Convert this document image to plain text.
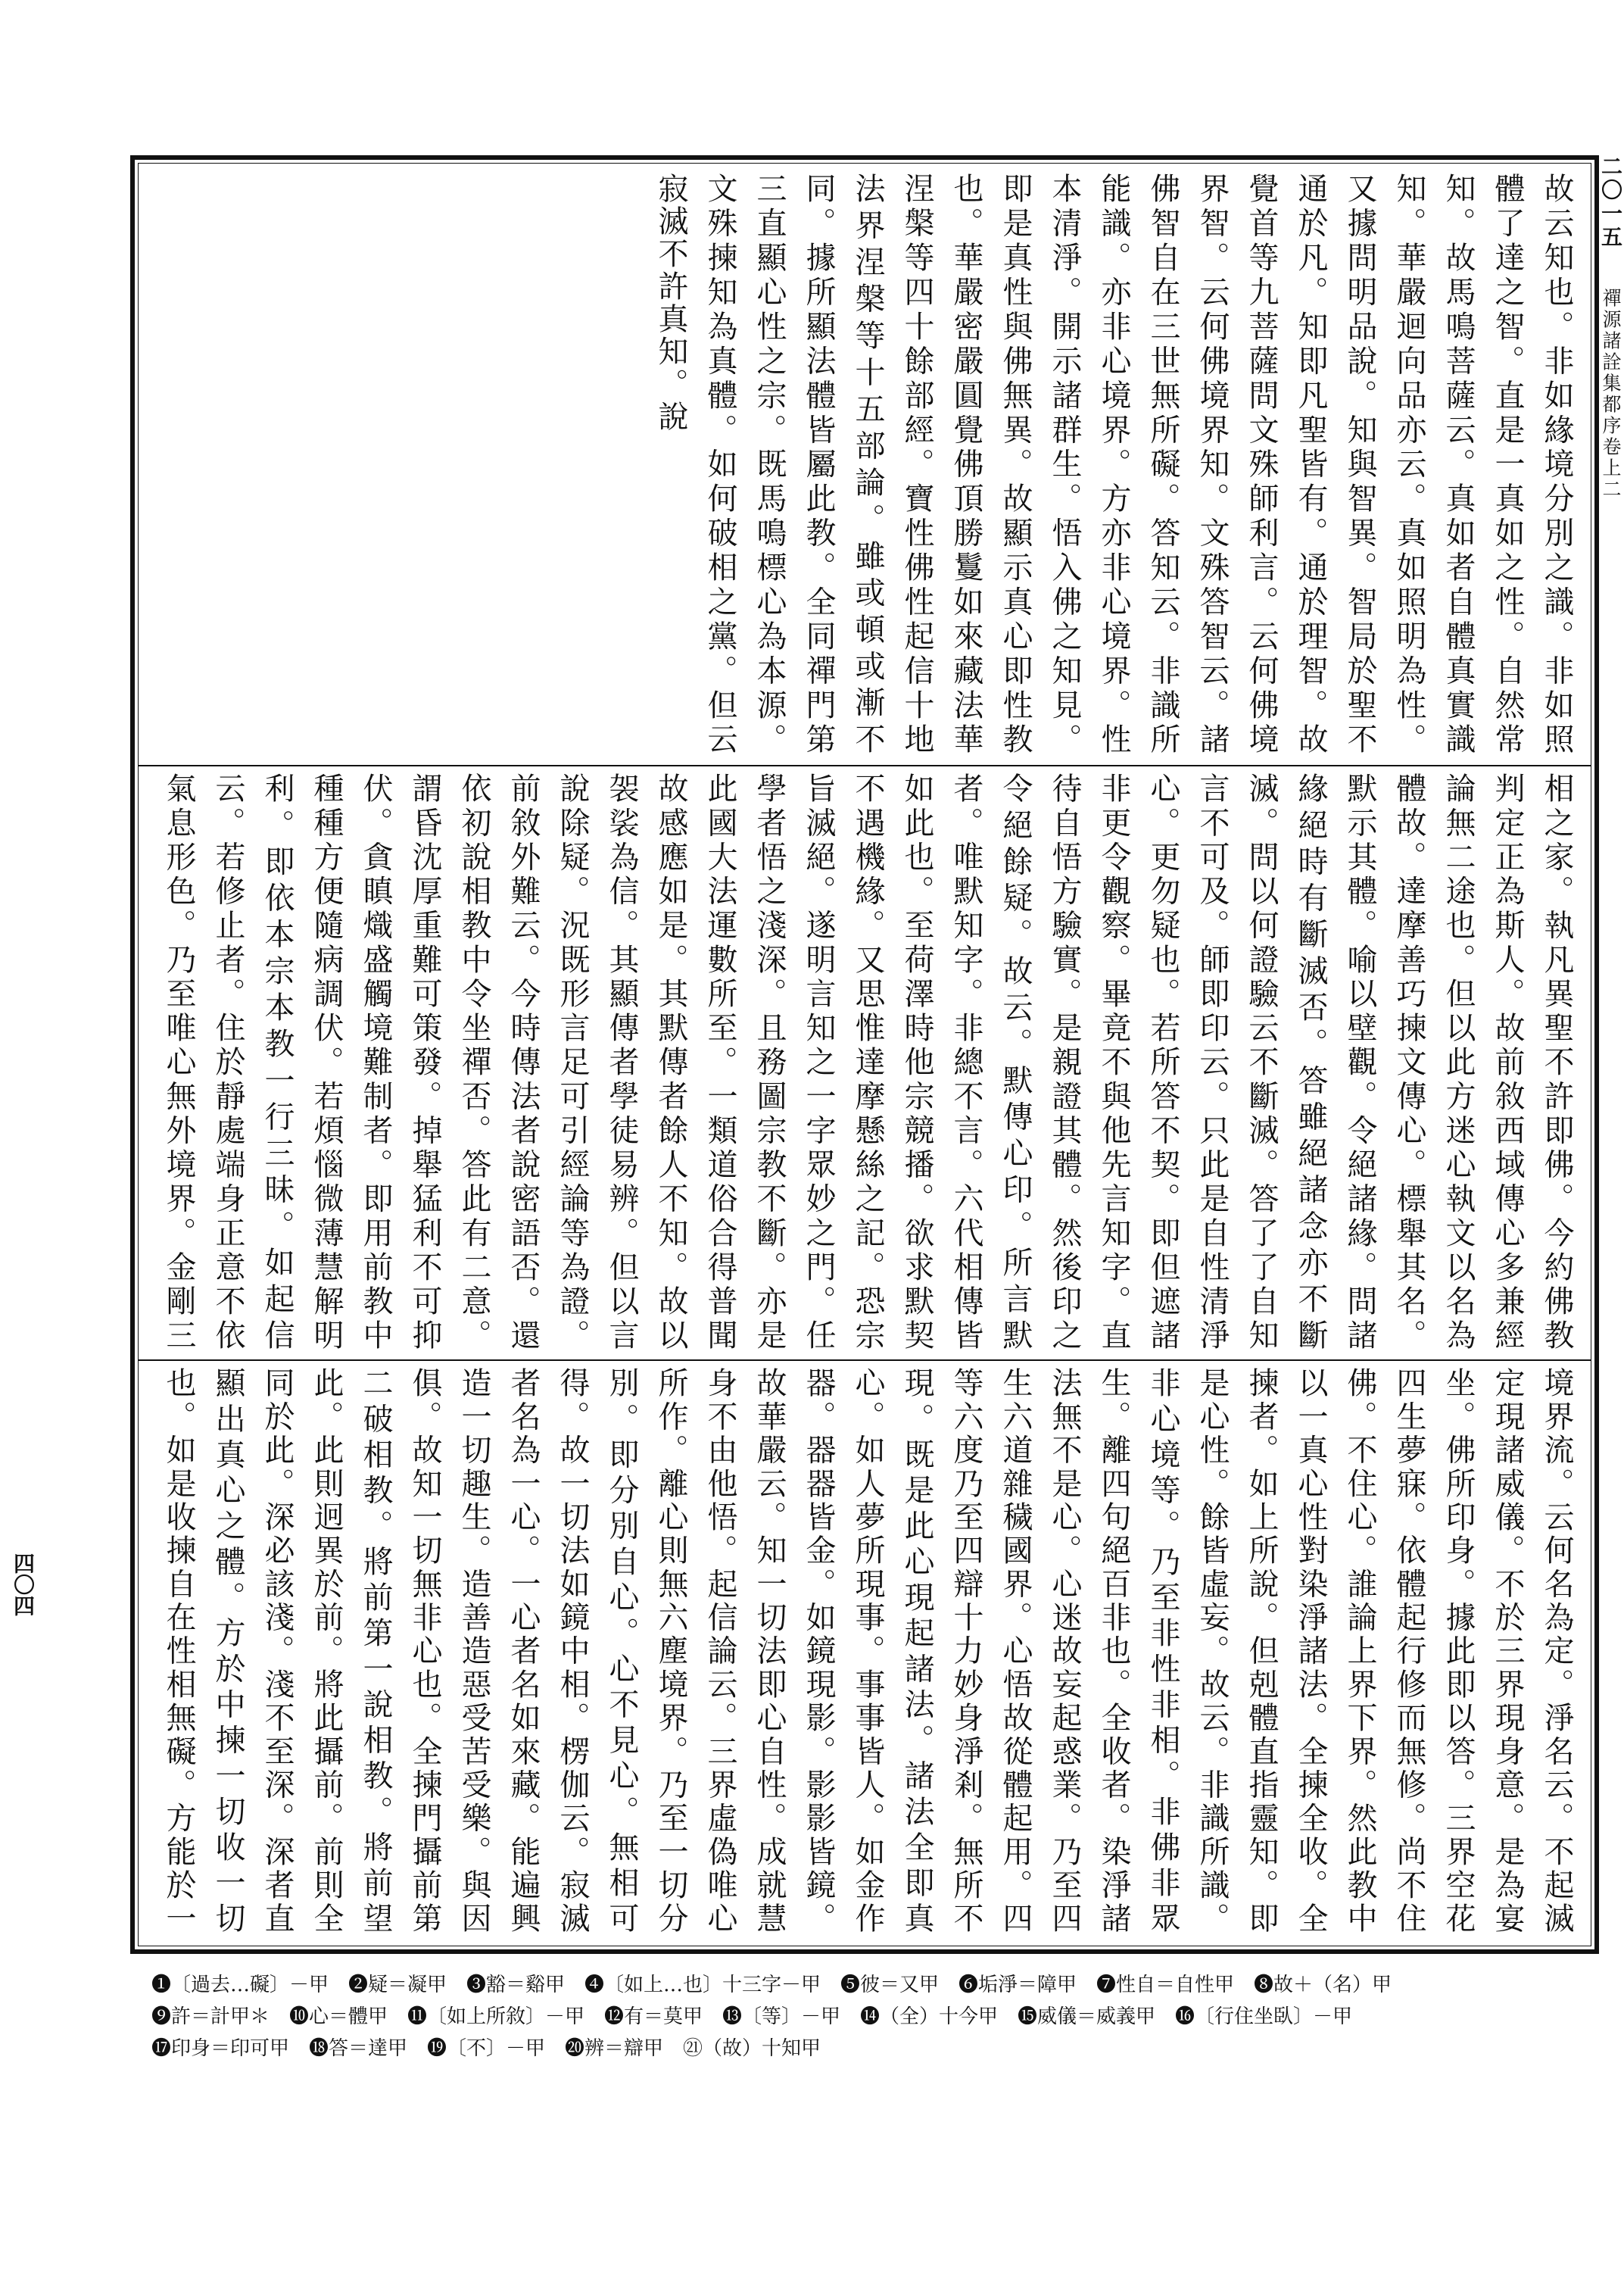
二〇一五 禪源諸詮集都序卷上二
四〇四

故云知也。非如緣境分別之識。非如照體了達之智。直是一真如之性。自然常知。故馬鳴菩薩云。真如者自體真實識知。華嚴迴向品亦云。真如照明為性。又據問明品說。知與智異。智局於聖不通於凡。知即凡聖皆有。通於理智。故覺首等九菩薩問文殊師利言。云何佛境界智。云何佛境界知。文殊答智云。諸佛智自在三世無所礙。答知云。非識所能識。亦非心境界。方亦非心境界。性本清淨。開示諸群生。悟入佛之知見。即是真性與佛無異。故顯示真心即性教也。華嚴密嚴圓覺佛頂勝鬘如來藏法華涅槃等四十餘部經。寶性佛性起信十地法界涅槃等十五部論。雖或頓或漸不同。據所顯法體皆屬此教。全同禪門第三直顯心性之宗。既馬鳴標心為本源。文殊揀知為真體。如何破相之黨。但云寂滅不許真知。說

相之家。執凡異聖不許即佛。今約佛教判定正為斯人。故前敘西域傳心多兼經論無二途也。但以此方迷心執文以名為體故。達摩善巧揀文傳心。標舉其名。默示其體。喻以壁觀。令絕諸緣。問諸緣絕時有斷滅否。答雖絕諸念亦不斷滅。問以何證驗云不斷滅。答了了自知言不可及。師即印云。只此是自性清淨心。更勿疑也。若所答不契。即但遮諸非更令觀察。畢竟不與他先言知字。直待自悟方驗實。是親證其體。然後印之令絕餘疑。故云。默傳心印。所言默者。唯默知字。非總不言。六代相傳皆如此也。至荷澤時他宗競播。欲求默契不遇機緣。又思惟達摩懸絲之記。恐宗旨滅絕。遂明言知之一字眾妙之門。任學者悟之淺深。且務圖宗教不斷。亦是此國大法運數所至。一類道俗合得普聞故感應如是。其默傳者餘人不知。故以袈裟為信。其顯傳者學徒易辨。但以言說除疑。況既形言足可引經論等為證。前敘外難云。今時傳法者說密語否。還依初說相教中令坐禪否。答此有二意。謂昏沈厚重難可策發。掉舉猛利不可抑伏。貪瞋熾盛觸境難制者。即用前教中種種方便隨病調伏。若煩惱微薄慧解明利。即依本宗本教一行三昧。如起信云。若修止者。住於靜處端身正意不依氣息形色。乃至唯心無外境界。金剛三

境界流。云何名為定。淨名云。不起滅定現諸威儀。不於三界現身意。是為宴坐。佛所印身。據此即以答。三界空花四生夢寐。依體起行修而無修。尚不住佛。不住心。誰論上界下界。然此教中以一真心性對染淨諸法。全揀全收。全揀者。如上所說。但剋體直指靈知。即是心性。餘皆虛妄。故云。非識所識。非心境等。乃至非性非相。非佛非眾生。離四句絕百非也。全收者。染淨諸法無不是心。心迷故妄起惑業。乃至四生六道雜穢國界。心悟故從體起用。四等六度乃至四辯十力妙身淨剎。無所不現。既是此心現起諸法。諸法全即真心。如人夢所現事。事事皆人。如金作器。器器皆金。如鏡現影。影影皆鏡。故華嚴云。知一切法即心自性。成就慧身不由他悟。起信論云。三界虛偽唯心所作。離心則無六塵境界。乃至一切分別。即分別自心。心不見心。無相可得。故一切法如鏡中相。楞伽云。寂滅者名為一心。一心者名如來藏。能遍興造一切趣生。造善造惡受苦受樂。與因俱。故知一切無非心也。全揀門攝前第二破相教。將前第一說相教。將前望此。此則迥異於前。將此攝前。前則全同於此。深必該淺。淺不至深。深者直顯出真心之體。方於中揀一切收一切也。如是收揀自在性相無礙。方能於一

❶〔過去…礙〕－甲　❷疑＝凝甲　❸豁＝谿甲　❹〔如上…也〕十三字－甲　❺彼＝又甲　❻垢淨＝障甲　❼性自＝自性甲　❽故＋（名）甲
❾許＝計甲＊　❿心＝體甲　⓫〔如上所敘〕－甲　⓬有＝莫甲　⓭〔等〕－甲　⓮（全）十今甲　⓯威儀＝威義甲　⓰〔行住坐臥〕－甲
⓱印身＝印可甲　⓲答＝達甲　⓳〔不〕－甲　⓴辨＝辯甲　㉑（故）十知甲
